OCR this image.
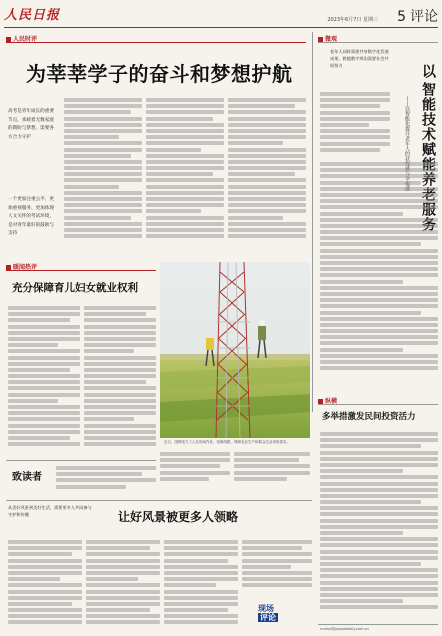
人民日报	2023年6月7日 星期三 5 评论
人民时评
为莘莘学子的奋斗和梦想护航

高考是青年成长的重要节点，承载着无数家庭的期盼与梦想，需要各方合力守护
一个更加注重公平、更加重视服务、更加体现人文关怀的考试环境，是对青年最好的鼓励与支持
微观
老年人同样需要共享数字化发展成果，跨越数字鸿沟需要社会共同努力	以
智能技术赋能养老服务
——以智能化提升老年人的获得感与幸福感
暖闻热评
充分保障育儿妇女就业权利
近日，国网电力工人在田间作业，检修线路，保障农业生产和群众生活用电需求。
纵横
多举措激发民间投资活力
致读者
从美好风景到美好生活，需要更多人共同参与守护和传播	让好风景被更多人领略
现场
评论
rmrbpl@peopledaily.com.cn
